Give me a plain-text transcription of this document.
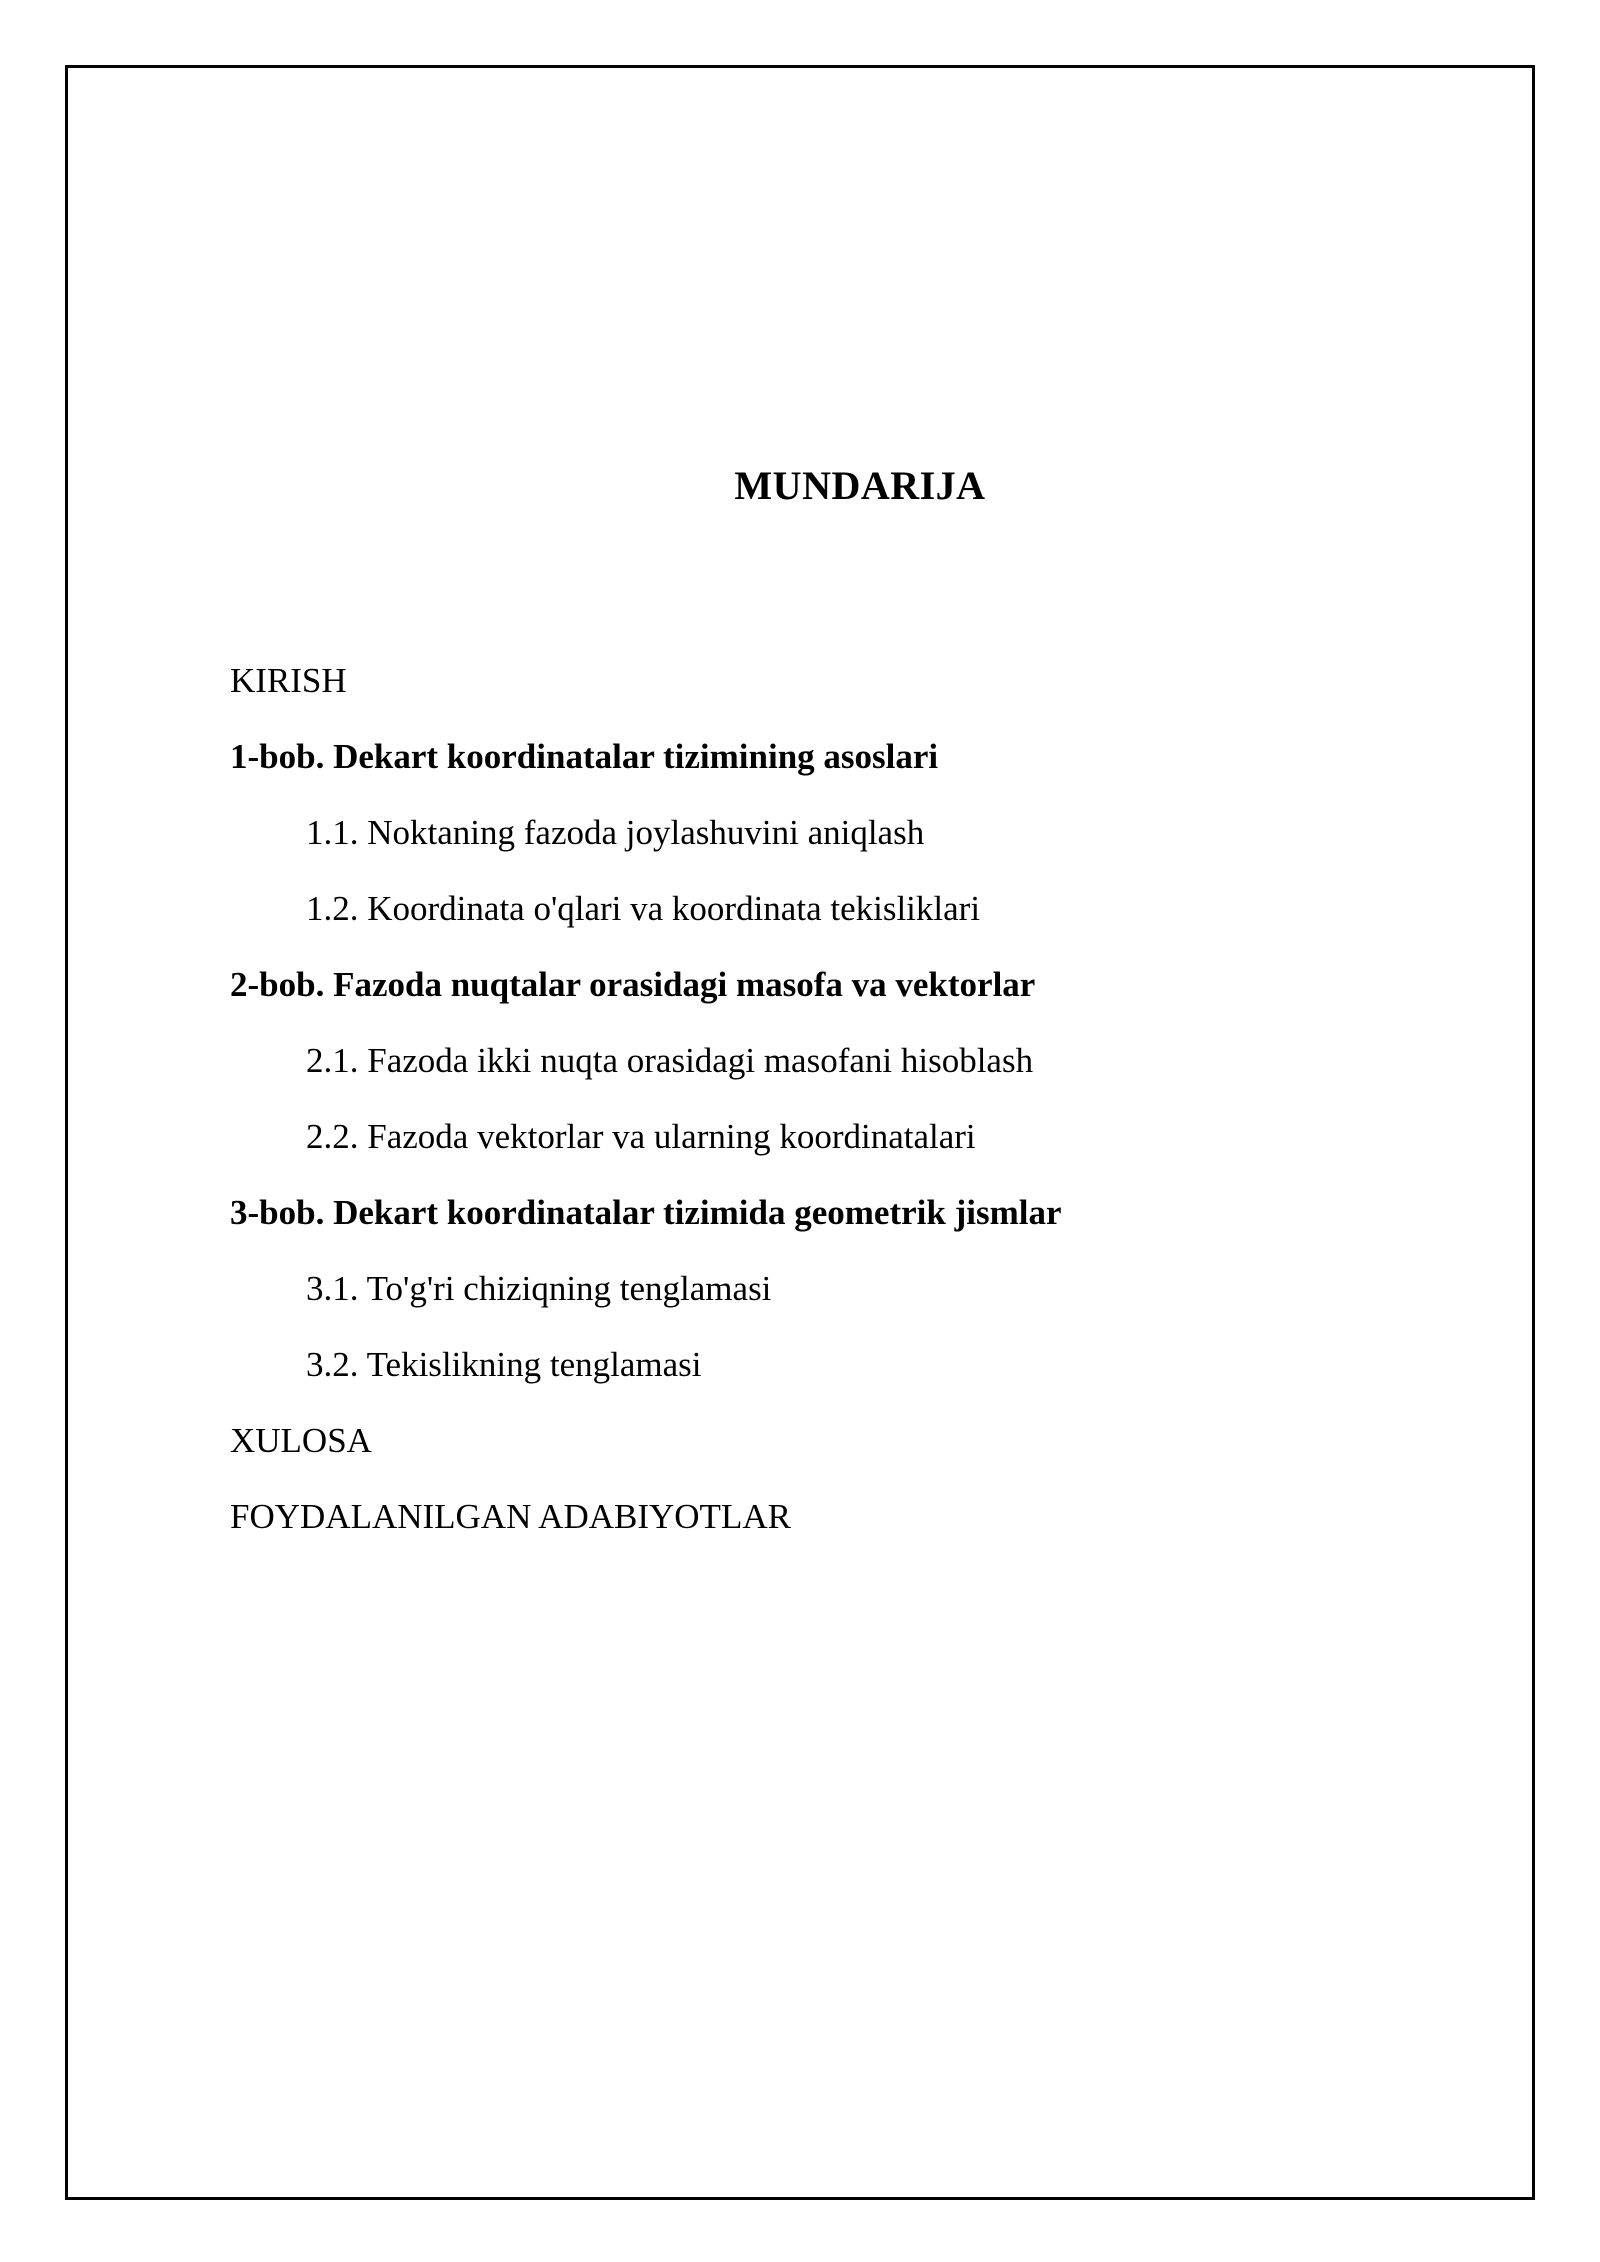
MUNDARIJA
KIRISH
1-bob. Dekart koordinatalar tizimining asoslari
1.1. Noktaning fazoda joylashuvini aniqlash
1.2. Koordinata o'qlari va koordinata tekisliklari
2-bob. Fazoda nuqtalar orasidagi masofa va vektorlar
2.1. Fazoda ikki nuqta orasidagi masofani hisoblash
2.2. Fazoda vektorlar va ularning koordinatalari
3-bob. Dekart koordinatalar tizimida geometrik jismlar
3.1. To'g'ri chiziqning tenglamasi
3.2. Tekislikning tenglamasi
XULOSA
FOYDALANILGAN ADABIYOTLAR
